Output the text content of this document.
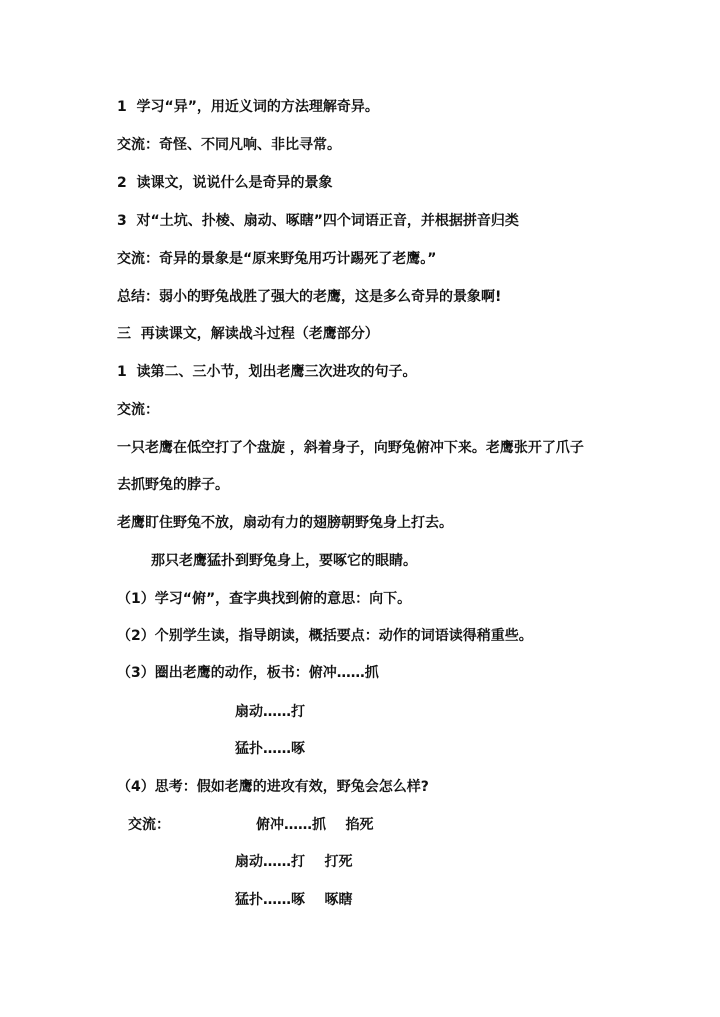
1  学习“异”，用近义词的方法理解奇异。
交流：奇怪、不同凡响、非比寻常。
2  读课文，说说什么是奇异的景象
3  对“土坑、扑棱、扇动、啄瞎”四个词语正音，并根据拼音归类
交流：奇异的景象是“原来野兔用巧计踢死了老鹰。”
总结：弱小的野兔战胜了强大的老鹰，这是多么奇异的景象啊!
三  再读课文，解读战斗过程（老鹰部分）
1  读第二、三小节，划出老鹰三次进攻的句子。
交流：
一只老鹰在低空打了个盘旋 ，斜着身子，向野兔俯冲下来。老鹰张开了爪子
去抓野兔的脖子。
老鹰盯住野兔不放，扇动有力的翅膀朝野兔身上打去。
那只老鹰猛扑到野兔身上，要啄它的眼睛。
（1）学习“俯”，查字典找到俯的意思：向下。
（2）个别学生读，指导朗读，概括要点：动作的词语读得稍重些。
（3）圈出老鹰的动作，板书：俯冲……抓
扇动……打
猛扑……啄
（4）思考：假如老鹰的进攻有效，野兔会怎么样?
交流：	俯冲……抓    掐死
扇动……打    打死
猛扑……啄    啄瞎
